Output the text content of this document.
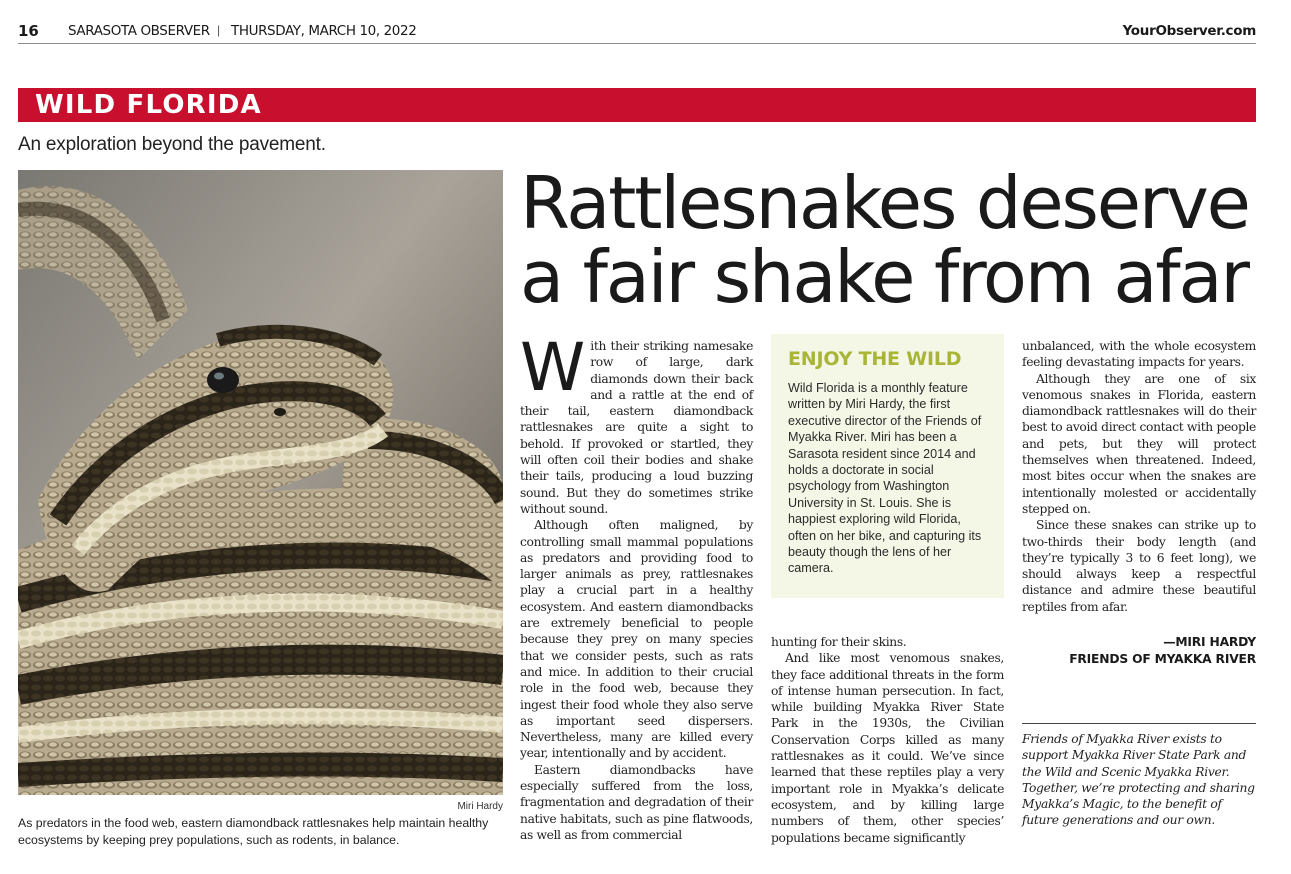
16 SARASOTA OBSERVER | THURSDAY, MARCH 10, 2022	YourObserver.com
WILD FLORIDA
An exploration beyond the pavement.
Miri Hardy
As predators in the food web, eastern diamondback rattlesnakes help maintain healthy ecosystems by keeping prey populations, such as rodents, in balance.
Rattlesnakes deserve a fair shake from afar

With their striking namesake row of large, dark diamonds down their back and a rattle at the end of their tail, eastern diamondback rattlesnakes are quite a sight to behold. If provoked or startled, they will often coil their bodies and shake their tails, producing a loud buzzing sound. But they do sometimes strike without sound.

Although often maligned, by controlling small mammal populations as predators and providing food to larger animals as prey, rattlesnakes play a crucial part in a healthy ecosystem. And eastern diamondbacks are extremely beneficial to people because they prey on many species that we consider pests, such as rats and mice. In addition to their crucial role in the food web, because they ingest their food whole they also serve as important seed dispersers. Nevertheless, many are killed every year, intentionally and by accident.

Eastern diamondbacks have especially suffered from the loss, fragmentation and degradation of their native habitats, such as pine flatwoods, as well as from commercial

ENJOY THE WILD

Wild Florida is a monthly feature written by Miri Hardy, the first executive director of the Friends of Myakka River. Miri has been a Sarasota resident since 2014 and holds a doctorate in social psychology from Washington University in St. Louis. She is happiest exploring wild Florida, often on her bike, and capturing its beauty though the lens of her camera.

hunting for their skins.

And like most venomous snakes, they face additional threats in the form of intense human persecution. In fact, while building Myakka River State Park in the 1930s, the Civilian Conservation Corps killed as many rattlesnakes as it could. We’ve since learned that these reptiles play a very important role in Myakka’s delicate ecosystem, and by killing large numbers of them, other species’ populations became significantly

unbalanced, with the whole ecosystem feeling devastating impacts for years.

Although they are one of six venomous snakes in Florida, eastern diamondback rattlesnakes will do their best to avoid direct contact with people and pets, but they will protect themselves when threatened. Indeed, most bites occur when the snakes are intentionally molested or accidentally stepped on.

Since these snakes can strike up to two-thirds their body length (and they’re typically 3 to 6 feet long), we should always keep a respectful distance and admire these beautiful reptiles from afar.

—MIRI HARDY
FRIENDS OF MYAKKA RIVER
Friends of Myakka River exists to support Myakka River State Park and the Wild and Scenic Myakka River. Together, we’re protecting and sharing Myakka’s Magic, to the benefit of future generations and our own.
